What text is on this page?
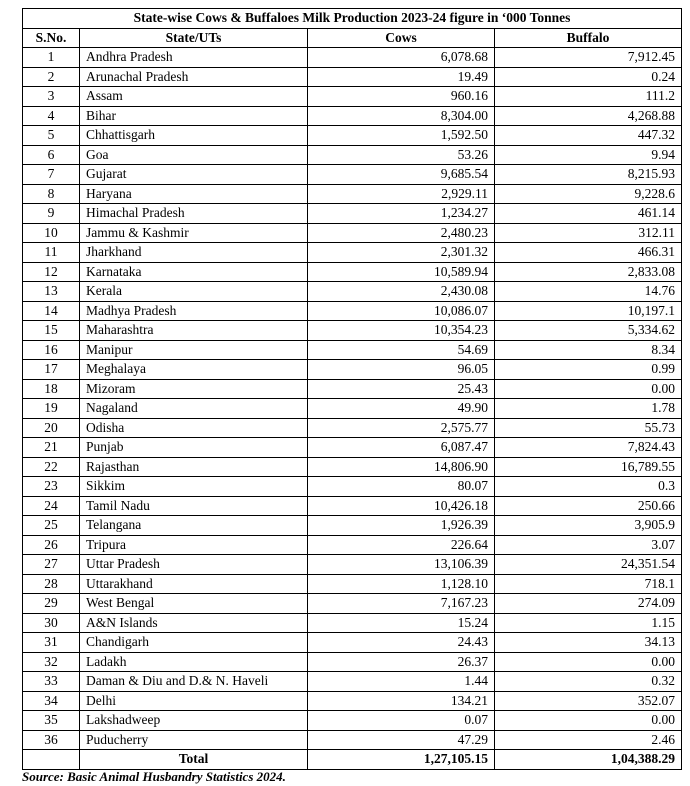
State-wise Cows & Buffaloes Milk Production 2023-24 figure in ‘000 Tonnes			
S.No.	State/UTs	Cows	Buffalo
1	Andhra Pradesh	6,078.68	7,912.45
2	Arunachal Pradesh	19.49	0.24
3	Assam	960.16	111.2
4	Bihar	8,304.00	4,268.88
5	Chhattisgarh	1,592.50	447.32
6	Goa	53.26	9.94
7	Gujarat	9,685.54	8,215.93
8	Haryana	2,929.11	9,228.6
9	Himachal Pradesh	1,234.27	461.14
10	Jammu & Kashmir	2,480.23	312.11
11	Jharkhand	2,301.32	466.31
12	Karnataka	10,589.94	2,833.08
13	Kerala	2,430.08	14.76
14	Madhya Pradesh	10,086.07	10,197.1
15	Maharashtra	10,354.23	5,334.62
16	Manipur	54.69	8.34
17	Meghalaya	96.05	0.99
18	Mizoram	25.43	0.00
19	Nagaland	49.90	1.78
20	Odisha	2,575.77	55.73
21	Punjab	6,087.47	7,824.43
22	Rajasthan	14,806.90	16,789.55
23	Sikkim	80.07	0.3
24	Tamil Nadu	10,426.18	250.66
25	Telangana	1,926.39	3,905.9
26	Tripura	226.64	3.07
27	Uttar Pradesh	13,106.39	24,351.54
28	Uttarakhand	1,128.10	718.1
29	West Bengal	7,167.23	274.09
30	A&N Islands	15.24	1.15
31	Chandigarh	24.43	34.13
32	Ladakh	26.37	0.00
33	Daman & Diu and D.& N. Haveli	1.44	0.32
34	Delhi	134.21	352.07
35	Lakshadweep	0.07	0.00
36	Puducherry	47.29	2.46
	Total	1,27,105.15	1,04,388.29
Source: Basic Animal Husbandry Statistics 2024.
